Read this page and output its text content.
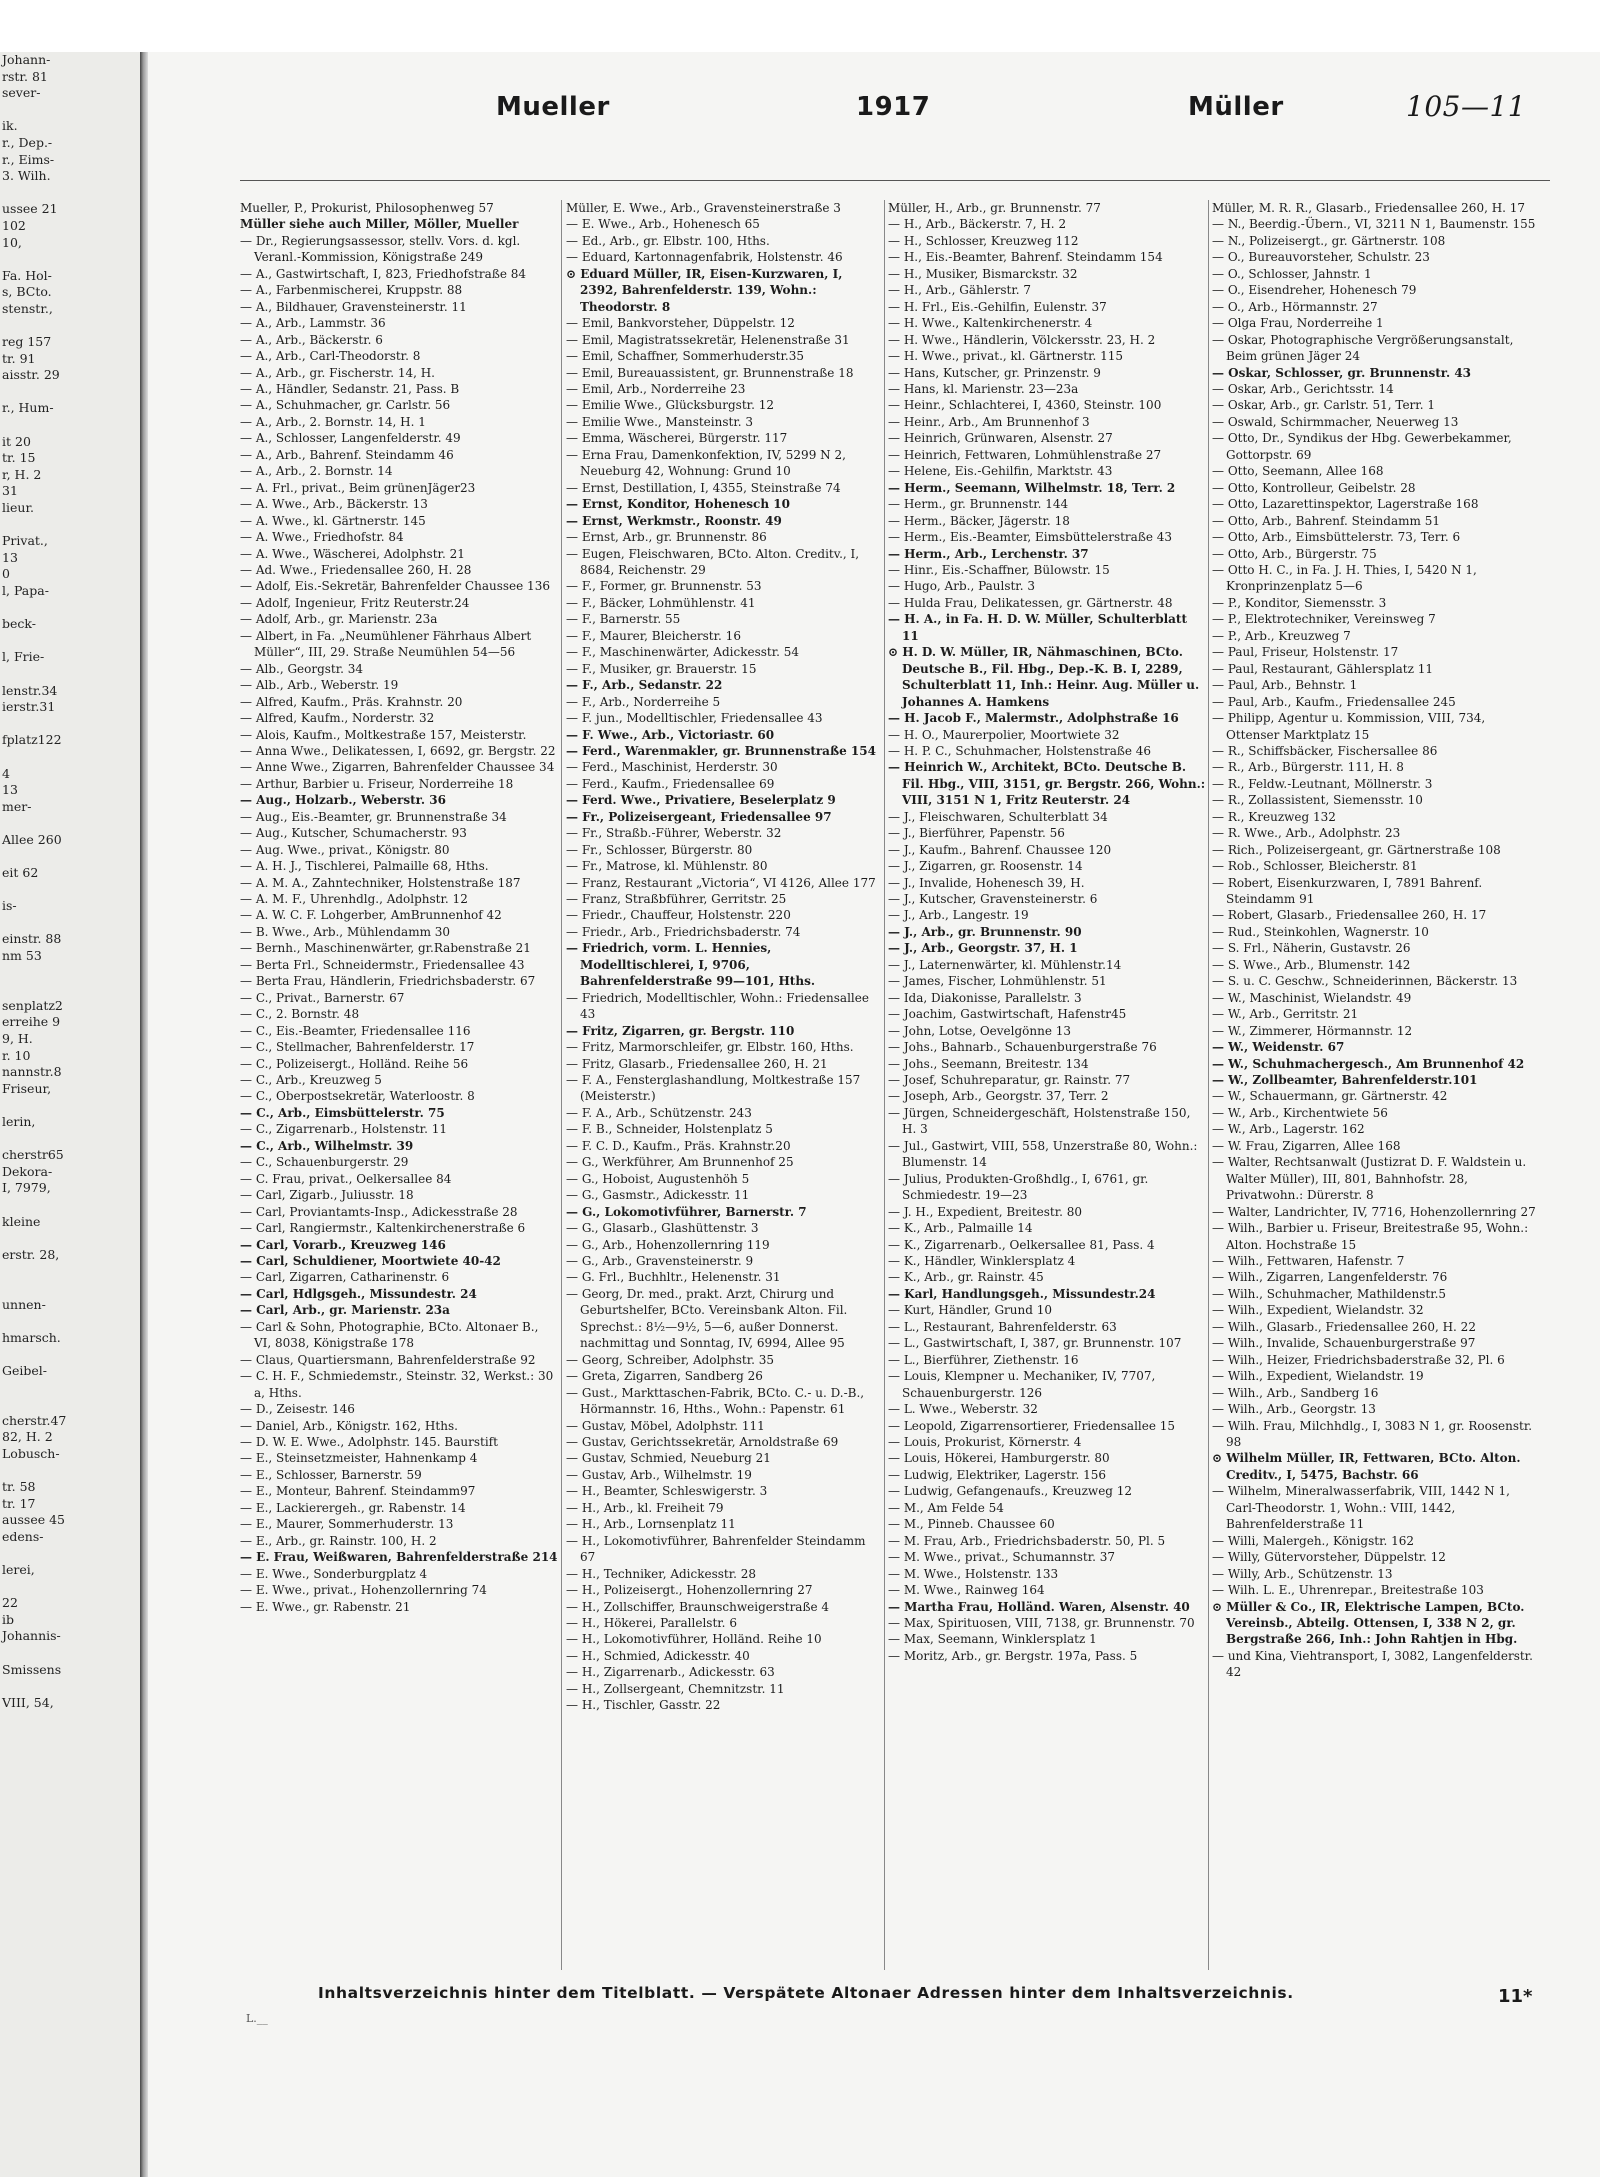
Johann-
rstr. 81
sever-

ik.
r., Dep.-
r., Eims-
3. Wilh.

ussee 21
102
10,

Fa. Hol-
s, BCto.
stenstr.,

reg 157
tr. 91
aisstr. 29

r., Hum-

it 20
tr. 15
r, H. 2
31
lieur.

Privat.,
13
0
l, Papa-

beck-

l, Frie-

lenstr.34
ierstr.31

fplatz122

4
13
mer-

Allee 260

eit 62

is-

einstr. 88
nm 53

senplatz2
erreihe 9
9, H.
r. 10
nannstr.8
Friseur,

lerin,

cherstr65
Dekora-
I, 7979,

kleine

erstr. 28,

unnen-

hmarsch.

Geibel-

cherstr.47
82, H. 2
Lobusch-

tr. 58
tr. 17
aussee 45
edens-

lerei,

22
ib
Johannis-

Smissens

VIII, 54,
Mueller	1917	Müller	105—11
Mueller, P., Prokurist, Philosophenweg 57
Müller siehe auch Miller, Möller, Mueller
— Dr., Regierungsassessor, stellv. Vors. d. kgl. Veranl.-Kommission, Königstraße 249
— A., Gastwirtschaft, I, 823, Friedhofstraße 84
— A., Farbenmischerei, Kruppstr. 88
— A., Bildhauer, Gravensteinerstr. 11
— A., Arb., Lammstr. 36
— A., Arb., Bäckerstr. 6
— A., Arb., Carl-Theodorstr. 8
— A., Arb., gr. Fischerstr. 14, H.
— A., Händler, Sedanstr. 21, Pass. B
— A., Schuhmacher, gr. Carlstr. 56
— A., Arb., 2. Bornstr. 14, H. 1
— A., Schlosser, Langenfelderstr. 49
— A., Arb., Bahrenf. Steindamm 46
— A., Arb., 2. Bornstr. 14
— A. Frl., privat., Beim grünenJäger23
— A. Wwe., Arb., Bäckerstr. 13
— A. Wwe., kl. Gärtnerstr. 145
— A. Wwe., Friedhofstr. 84
— A. Wwe., Wäscherei, Adolphstr. 21
— Ad. Wwe., Friedensallee 260, H. 28
— Adolf, Eis.-Sekretär, Bahrenfelder Chaussee 136
— Adolf, Ingenieur, Fritz Reuterstr.24
— Adolf, Arb., gr. Marienstr. 23a
— Albert, in Fa. „Neumühlener Fährhaus Albert Müller“, III, 29. Straße Neumühlen 54—56
— Alb., Georgstr. 34
— Alb., Arb., Weberstr. 19
— Alfred, Kaufm., Präs. Krahnstr. 20
— Alfred, Kaufm., Norderstr. 32
— Alois, Kaufm., Moltkestraße 157, Meisterstr.
— Anna Wwe., Delikatessen, I, 6692, gr. Bergstr. 22
— Anne Wwe., Zigarren, Bahrenfelder Chaussee 34
— Arthur, Barbier u. Friseur, Norderreihe 18
— Aug., Holzarb., Weberstr. 36
— Aug., Eis.-Beamter, gr. Brunnenstraße 34
— Aug., Kutscher, Schumacherstr. 93
— Aug. Wwe., privat., Königstr. 80
— A. H. J., Tischlerei, Palmaille 68, Hths.
— A. M. A., Zahntechniker, Holstenstraße 187
— A. M. F., Uhrenhdlg., Adolphstr. 12
— A. W. C. F. Lohgerber, AmBrunnenhof 42
— B. Wwe., Arb., Mühlendamm 30
— Bernh., Maschinenwärter, gr.Rabenstraße 21
— Berta Frl., Schneidermstr., Friedensallee 43
— Berta Frau, Händlerin, Friedrichsbaderstr. 67
— C., Privat., Barnerstr. 67
— C., 2. Bornstr. 48
— C., Eis.-Beamter, Friedensallee 116
— C., Stellmacher, Bahrenfelderstr. 17
— C., Polizeisergt., Holländ. Reihe 56
— C., Arb., Kreuzweg 5
— C., Oberpostsekretär, Waterloostr. 8
— C., Arb., Eimsbüttelerstr. 75
— C., Zigarrenarb., Holstenstr. 11
— C., Arb., Wilhelmstr. 39
— C., Schauenburgerstr. 29
— C. Frau, privat., Oelkersallee 84
— Carl, Zigarb., Juliusstr. 18
— Carl, Proviantamts-Insp., Adickesstraße 28
— Carl, Rangiermstr., Kaltenkirchenerstraße 6
— Carl, Vorarb., Kreuzweg 146
— Carl, Schuldiener, Moortwiete 40-42
— Carl, Zigarren, Catharinenstr. 6
— Carl, Hdlgsgeh., Missundestr. 24
— Carl, Arb., gr. Marienstr. 23a
— Carl & Sohn, Photographie, BCto. Altonaer B., VI, 8038, Königstraße 178
— Claus, Quartiersmann, Bahrenfelderstraße 92
— C. H. F., Schmiedemstr., Steinstr. 32, Werkst.: 30 a, Hths.
— D., Zeisestr. 146
— Daniel, Arb., Königstr. 162, Hths.
— D. W. E. Wwe., Adolphstr. 145. Baurstift
— E., Steinsetzmeister, Hahnenkamp 4
— E., Schlosser, Barnerstr. 59
— E., Monteur, Bahrenf. Steindamm97
— E., Lackierergeh., gr. Rabenstr. 14
— E., Maurer, Sommerhuderstr. 13
— E., Arb., gr. Rainstr. 100, H. 2
— E. Frau, Weißwaren, Bahrenfelderstraße 214
— E. Wwe., Sonderburgplatz 4
— E. Wwe., privat., Hohenzollernring 74
— E. Wwe., gr. Rabenstr. 21
Müller, E. Wwe., Arb., Gravensteinerstraße 3
— E. Wwe., Arb., Hohenesch 65
— Ed., Arb., gr. Elbstr. 100, Hths.
— Eduard, Kartonnagenfabrik, Holstenstr. 46
⊙ Eduard Müller, IR, Eisen-Kurzwaren, I, 2392, Bahrenfelderstr. 139, Wohn.: Theodorstr. 8
— Emil, Bankvorsteher, Düppelstr. 12
— Emil, Magistratssekretär, Helenenstraße 31
— Emil, Schaffner, Sommerhuderstr.35
— Emil, Bureauassistent, gr. Brunnenstraße 18
— Emil, Arb., Norderreihe 23
— Emilie Wwe., Glücksburgstr. 12
— Emilie Wwe., Mansteinstr. 3
— Emma, Wäscherei, Bürgerstr. 117
— Erna Frau, Damenkonfektion, IV, 5299 N 2, Neueburg 42, Wohnung: Grund 10
— Ernst, Destillation, I, 4355, Steinstraße 74
— Ernst, Konditor, Hohenesch 10
— Ernst, Werkmstr., Roonstr. 49
— Ernst, Arb., gr. Brunnenstr. 86
— Eugen, Fleischwaren, BCto. Alton. Creditv., I, 8684, Reichenstr. 29
— F., Former, gr. Brunnenstr. 53
— F., Bäcker, Lohmühlenstr. 41
— F., Barnerstr. 55
— F., Maurer, Bleicherstr. 16
— F., Maschinenwärter, Adickesstr. 54
— F., Musiker, gr. Brauerstr. 15
— F., Arb., Sedanstr. 22
— F., Arb., Norderreihe 5
— F. jun., Modelltischler, Friedensallee 43
— F. Wwe., Arb., Victoriastr. 60
— Ferd., Warenmakler, gr. Brunnenstraße 154
— Ferd., Maschinist, Herderstr. 30
— Ferd., Kaufm., Friedensallee 69
— Ferd. Wwe., Privatiere, Beselerplatz 9
— Fr., Polizeisergeant, Friedensallee 97
— Fr., Straßb.-Führer, Weberstr. 32
— Fr., Schlosser, Bürgerstr. 80
— Fr., Matrose, kl. Mühlenstr. 80
— Franz, Restaurant „Victoria“, VI 4126, Allee 177
— Franz, Straßbführer, Gerritstr. 25
— Friedr., Chauffeur, Holstenstr. 220
— Friedr., Arb., Friedrichsbaderstr. 74
— Friedrich, vorm. L. Hennies, Modelltischlerei, I, 9706, Bahrenfelderstraße 99—101, Hths.
— Friedrich, Modelltischler, Wohn.: Friedensallee 43
— Fritz, Zigarren, gr. Bergstr. 110
— Fritz, Marmorschleifer, gr. Elbstr. 160, Hths.
— Fritz, Glasarb., Friedensallee 260, H. 21
— F. A., Fensterglashandlung, Moltkestraße 157 (Meisterstr.)
— F. A., Arb., Schützenstr. 243
— F. B., Schneider, Holstenplatz 5
— F. C. D., Kaufm., Präs. Krahnstr.20
— G., Werkführer, Am Brunnenhof 25
— G., Hoboist, Augustenhöh 5
— G., Gasmstr., Adickesstr. 11
— G., Lokomotivführer, Barnerstr. 7
— G., Glasarb., Glashüttenstr. 3
— G., Arb., Hohenzollernring 119
— G., Arb., Gravensteinerstr. 9
— G. Frl., Buchhltr., Helenenstr. 31
— Georg, Dr. med., prakt. Arzt, Chirurg und Geburtshelfer, BCto. Vereinsbank Alton. Fil. Sprechst.: 8½—9½, 5—6, außer Donnerst. nachmittag und Sonntag, IV, 6994, Allee 95
— Georg, Schreiber, Adolphstr. 35
— Greta, Zigarren, Sandberg 26
— Gust., Markttaschen-Fabrik, BCto. C.- u. D.-B., Hörmannstr. 16, Hths., Wohn.: Papenstr. 61
— Gustav, Möbel, Adolphstr. 111
— Gustav, Gerichtssekretär, Arnoldstraße 69
— Gustav, Schmied, Neueburg 21
— Gustav, Arb., Wilhelmstr. 19
— H., Beamter, Schleswigerstr. 3
— H., Arb., kl. Freiheit 79
— H., Arb., Lornsenplatz 11
— H., Lokomotivführer, Bahrenfelder Steindamm 67
— H., Techniker, Adickesstr. 28
— H., Polizeisergt., Hohenzollernring 27
— H., Zollschiffer, Braunschweigerstraße 4
— H., Hökerei, Parallelstr. 6
— H., Lokomotivführer, Holländ. Reihe 10
— H., Schmied, Adickesstr. 40
— H., Zigarrenarb., Adickesstr. 63
— H., Zollsergeant, Chemnitzstr. 11
— H., Tischler, Gasstr. 22
Müller, H., Arb., gr. Brunnenstr. 77
— H., Arb., Bäckerstr. 7, H. 2
— H., Schlosser, Kreuzweg 112
— H., Eis.-Beamter, Bahrenf. Steindamm 154
— H., Musiker, Bismarckstr. 32
— H., Arb., Gählerstr. 7
— H. Frl., Eis.-Gehilfin, Eulenstr. 37
— H. Wwe., Kaltenkirchenerstr. 4
— H. Wwe., Händlerin, Völckersstr. 23, H. 2
— H. Wwe., privat., kl. Gärtnerstr. 115
— Hans, Kutscher, gr. Prinzenstr. 9
— Hans, kl. Marienstr. 23—23a
— Heinr., Schlachterei, I, 4360, Steinstr. 100
— Heinr., Arb., Am Brunnenhof 3
— Heinrich, Grünwaren, Alsenstr. 27
— Heinrich, Fettwaren, Lohmühlenstraße 27
— Helene, Eis.-Gehilfin, Marktstr. 43
— Herm., Seemann, Wilhelmstr. 18, Terr. 2
— Herm., gr. Brunnenstr. 144
— Herm., Bäcker, Jägerstr. 18
— Herm., Eis.-Beamter, Eimsbüttelerstraße 43
— Herm., Arb., Lerchenstr. 37
— Hinr., Eis.-Schaffner, Bülowstr. 15
— Hugo, Arb., Paulstr. 3
— Hulda Frau, Delikatessen, gr. Gärtnerstr. 48
— H. A., in Fa. H. D. W. Müller, Schulterblatt 11
⊙ H. D. W. Müller, IR, Nähmaschinen, BCto. Deutsche B., Fil. Hbg., Dep.-K. B. I, 2289, Schulterblatt 11, Inh.: Heinr. Aug. Müller u. Johannes A. Hamkens
— H. Jacob F., Malermstr., Adolphstraße 16
— H. O., Maurerpolier, Moortwiete 32
— H. P. C., Schuhmacher, Holstenstraße 46
— Heinrich W., Architekt, BCto. Deutsche B. Fil. Hbg., VIII, 3151, gr. Bergstr. 266, Wohn.: VIII, 3151 N 1, Fritz Reuterstr. 24
— J., Fleischwaren, Schulterblatt 34
— J., Bierführer, Papenstr. 56
— J., Kaufm., Bahrenf. Chaussee 120
— J., Zigarren, gr. Roosenstr. 14
— J., Invalide, Hohenesch 39, H.
— J., Kutscher, Gravensteinerstr. 6
— J., Arb., Langestr. 19
— J., Arb., gr. Brunnenstr. 90
— J., Arb., Georgstr. 37, H. 1
— J., Laternenwärter, kl. Mühlenstr.14
— James, Fischer, Lohmühlenstr. 51
— Ida, Diakonisse, Parallelstr. 3
— Joachim, Gastwirtschaft, Hafenstr45
— John, Lotse, Oevelgönne 13
— Johs., Bahnarb., Schauenburgerstraße 76
— Johs., Seemann, Breitestr. 134
— Josef, Schuhreparatur, gr. Rainstr. 77
— Joseph, Arb., Georgstr. 37, Terr. 2
— Jürgen, Schneidergeschäft, Holstenstraße 150, H. 3
— Jul., Gastwirt, VIII, 558, Unzerstraße 80, Wohn.: Blumenstr. 14
— Julius, Produkten-Großhdlg., I, 6761, gr. Schmiedestr. 19—23
— J. H., Expedient, Breitestr. 80
— K., Arb., Palmaille 14
— K., Zigarrenarb., Oelkersallee 81, Pass. 4
— K., Händler, Winklersplatz 4
— K., Arb., gr. Rainstr. 45
— Karl, Handlungsgeh., Missundestr.24
— Kurt, Händler, Grund 10
— L., Restaurant, Bahrenfelderstr. 63
— L., Gastwirtschaft, I, 387, gr. Brunnenstr. 107
— L., Bierführer, Ziethenstr. 16
— Louis, Klempner u. Mechaniker, IV, 7707, Schauenburgerstr. 126
— L. Wwe., Weberstr. 32
— Leopold, Zigarrensortierer, Friedensallee 15
— Louis, Prokurist, Körnerstr. 4
— Louis, Hökerei, Hamburgerstr. 80
— Ludwig, Elektriker, Lagerstr. 156
— Ludwig, Gefangenaufs., Kreuzweg 12
— M., Am Felde 54
— M., Pinneb. Chaussee 60
— M. Frau, Arb., Friedrichsbaderstr. 50, Pl. 5
— M. Wwe., privat., Schumannstr. 37
— M. Wwe., Holstenstr. 133
— M. Wwe., Rainweg 164
— Martha Frau, Holländ. Waren, Alsenstr. 40
— Max, Spirituosen, VIII, 7138, gr. Brunnenstr. 70
— Max, Seemann, Winklersplatz 1
— Moritz, Arb., gr. Bergstr. 197a, Pass. 5
Müller, M. R. R., Glasarb., Friedensallee 260, H. 17
— N., Beerdig.-Übern., VI, 3211 N 1, Baumenstr. 155
— N., Polizeisergt., gr. Gärtnerstr. 108
— O., Bureauvorsteher, Schulstr. 23
— O., Schlosser, Jahnstr. 1
— O., Eisendreher, Hohenesch 79
— O., Arb., Hörmannstr. 27
— Olga Frau, Norderreihe 1
— Oskar, Photographische Vergrößerungsanstalt, Beim grünen Jäger 24
— Oskar, Schlosser, gr. Brunnenstr. 43
— Oskar, Arb., Gerichtsstr. 14
— Oskar, Arb., gr. Carlstr. 51, Terr. 1
— Oswald, Schirmmacher, Neuerweg 13
— Otto, Dr., Syndikus der Hbg. Gewerbekammer, Gottorpstr. 69
— Otto, Seemann, Allee 168
— Otto, Kontrolleur, Geibelstr. 28
— Otto, Lazarettinspektor, Lagerstraße 168
— Otto, Arb., Bahrenf. Steindamm 51
— Otto, Arb., Eimsbüttelerstr. 73, Terr. 6
— Otto, Arb., Bürgerstr. 75
— Otto H. C., in Fa. J. H. Thies, I, 5420 N 1, Kronprinzenplatz 5—6
— P., Konditor, Siemensstr. 3
— P., Elektrotechniker, Vereinsweg 7
— P., Arb., Kreuzweg 7
— Paul, Friseur, Holstenstr. 17
— Paul, Restaurant, Gählersplatz 11
— Paul, Arb., Behnstr. 1
— Paul, Arb., Kaufm., Friedensallee 245
— Philipp, Agentur u. Kommission, VIII, 734, Ottenser Marktplatz 15
— R., Schiffsbäcker, Fischersallee 86
— R., Arb., Bürgerstr. 111, H. 8
— R., Feldw.-Leutnant, Möllnerstr. 3
— R., Zollassistent, Siemensstr. 10
— R., Kreuzweg 132
— R. Wwe., Arb., Adolphstr. 23
— Rich., Polizeisergeant, gr. Gärtnerstraße 108
— Rob., Schlosser, Bleicherstr. 81
— Robert, Eisenkurzwaren, I, 7891 Bahrenf. Steindamm 91
— Robert, Glasarb., Friedensallee 260, H. 17
— Rud., Steinkohlen, Wagnerstr. 10
— S. Frl., Näherin, Gustavstr. 26
— S. Wwe., Arb., Blumenstr. 142
— S. u. C. Geschw., Schneiderinnen, Bäckerstr. 13
— W., Maschinist, Wielandstr. 49
— W., Arb., Gerritstr. 21
— W., Zimmerer, Hörmannstr. 12
— W., Weidenstr. 67
— W., Schuhmachergesch., Am Brunnenhof 42
— W., Zollbeamter, Bahrenfelderstr.101
— W., Schauermann, gr. Gärtnerstr. 42
— W., Arb., Kirchentwiete 56
— W., Arb., Lagerstr. 162
— W. Frau, Zigarren, Allee 168
— Walter, Rechtsanwalt (Justizrat D. F. Waldstein u. Walter Müller), III, 801, Bahnhofstr. 28, Privatwohn.: Dürerstr. 8
— Walter, Landrichter, IV, 7716, Hohenzollernring 27
— Wilh., Barbier u. Friseur, Breitestraße 95, Wohn.: Alton. Hochstraße 15
— Wilh., Fettwaren, Hafenstr. 7
— Wilh., Zigarren, Langenfelderstr. 76
— Wilh., Schuhmacher, Mathildenstr.5
— Wilh., Expedient, Wielandstr. 32
— Wilh., Glasarb., Friedensallee 260, H. 22
— Wilh., Invalide, Schauenburgerstraße 97
— Wilh., Heizer, Friedrichsbaderstraße 32, Pl. 6
— Wilh., Expedient, Wielandstr. 19
— Wilh., Arb., Sandberg 16
— Wilh., Arb., Georgstr. 13
— Wilh. Frau, Milchhdlg., I, 3083 N 1, gr. Roosenstr. 98
⊙ Wilhelm Müller, IR, Fettwaren, BCto. Alton. Creditv., I, 5475, Bachstr. 66
— Wilhelm, Mineralwasserfabrik, VIII, 1442 N 1, Carl-Theodorstr. 1, Wohn.: VIII, 1442, Bahrenfelderstraße 11
— Willi, Malergeh., Königstr. 162
— Willy, Gütervorsteher, Düppelstr. 12
— Willy, Arb., Schützenstr. 13
— Wilh. L. E., Uhrenrepar., Breitestraße 103
⊙ Müller & Co., IR, Elektrische Lampen, BCto. Vereinsb., Abteilg. Ottensen, I, 338 N 2, gr. Bergstraße 266, Inh.: John Rahtjen in Hbg.
— und Kina, Viehtransport, I, 3082, Langenfelderstr. 42
Inhaltsverzeichnis hinter dem Titelblatt. — Verspätete Altonaer Adressen hinter dem Inhaltsverzeichnis.	11*
L.__
